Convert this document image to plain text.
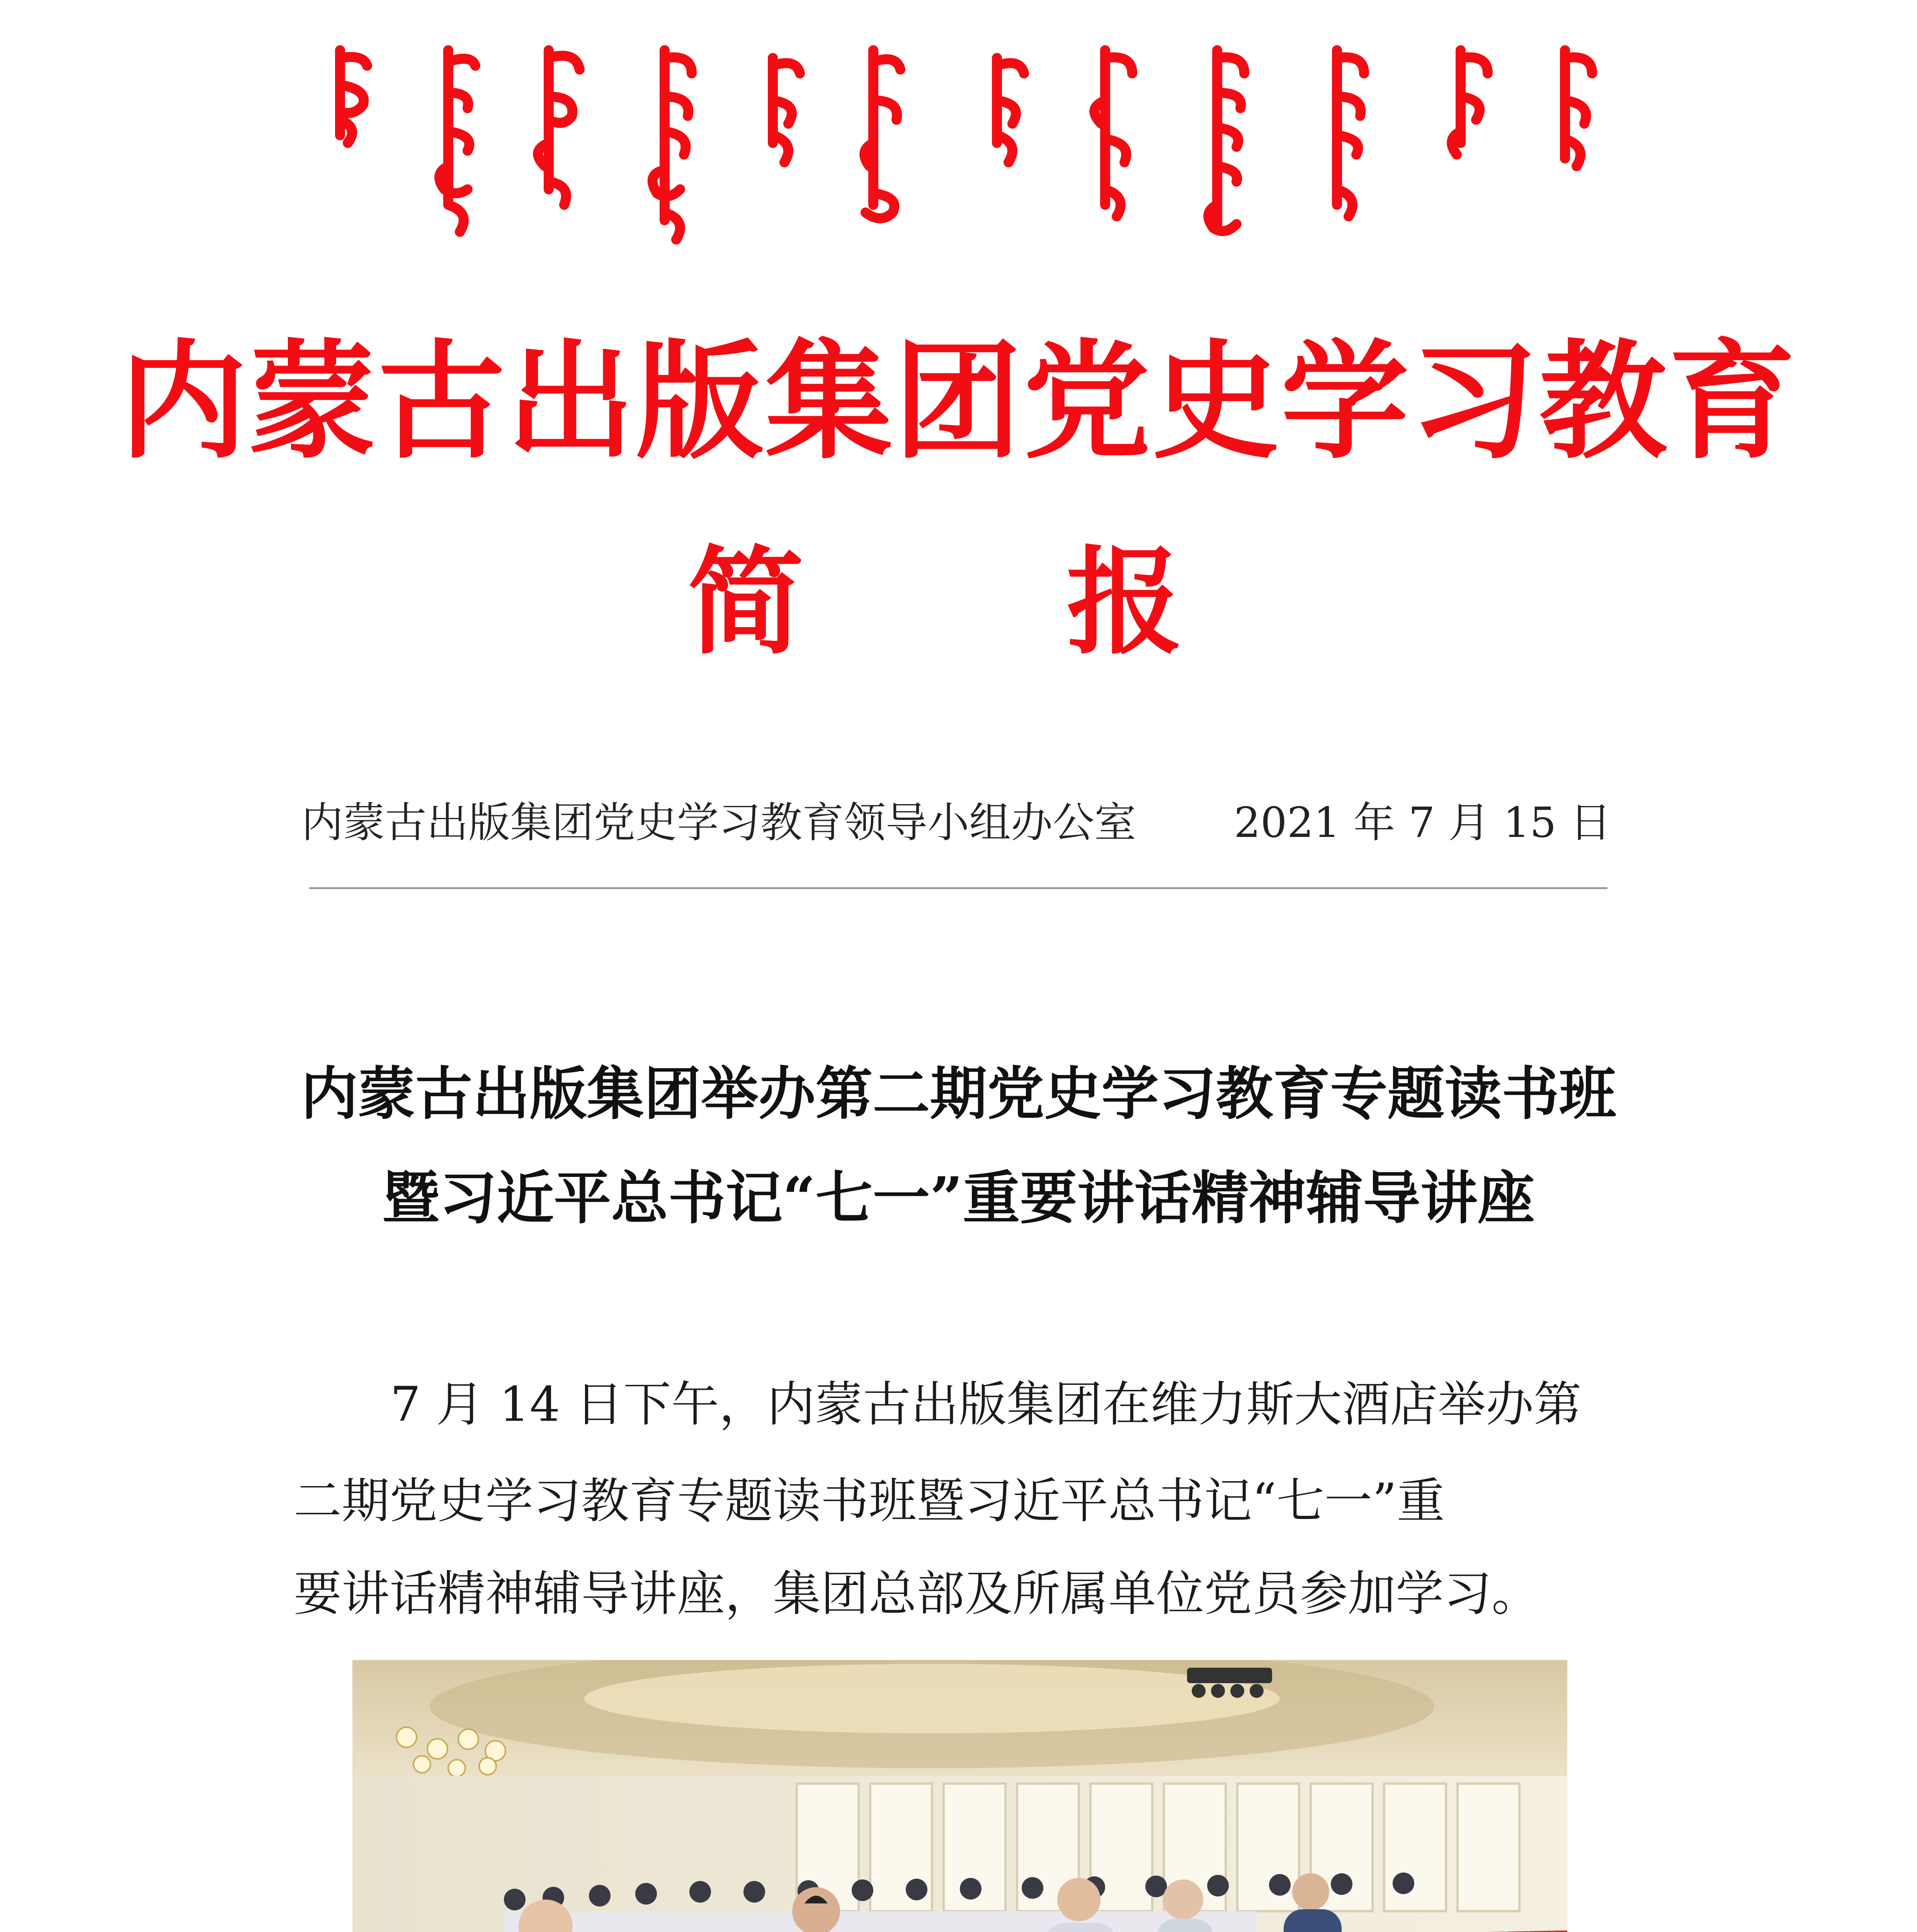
内蒙古出版集团党史学习教育
简 报
内蒙古出版集团党史学习教育领导小组办公室 2021 年 7 月 15 日
内蒙古出版集团举办第二期党史学习教育专题读书班
暨习近平总书记“七一”重要讲话精神辅导讲座
7 月 14 日下午，内蒙古出版集团在维力斯大酒店举办第
二期党史学习教育专题读书班暨习近平总书记“七一”重
要讲话精神辅导讲座，集团总部及所属单位党员参加学习。
